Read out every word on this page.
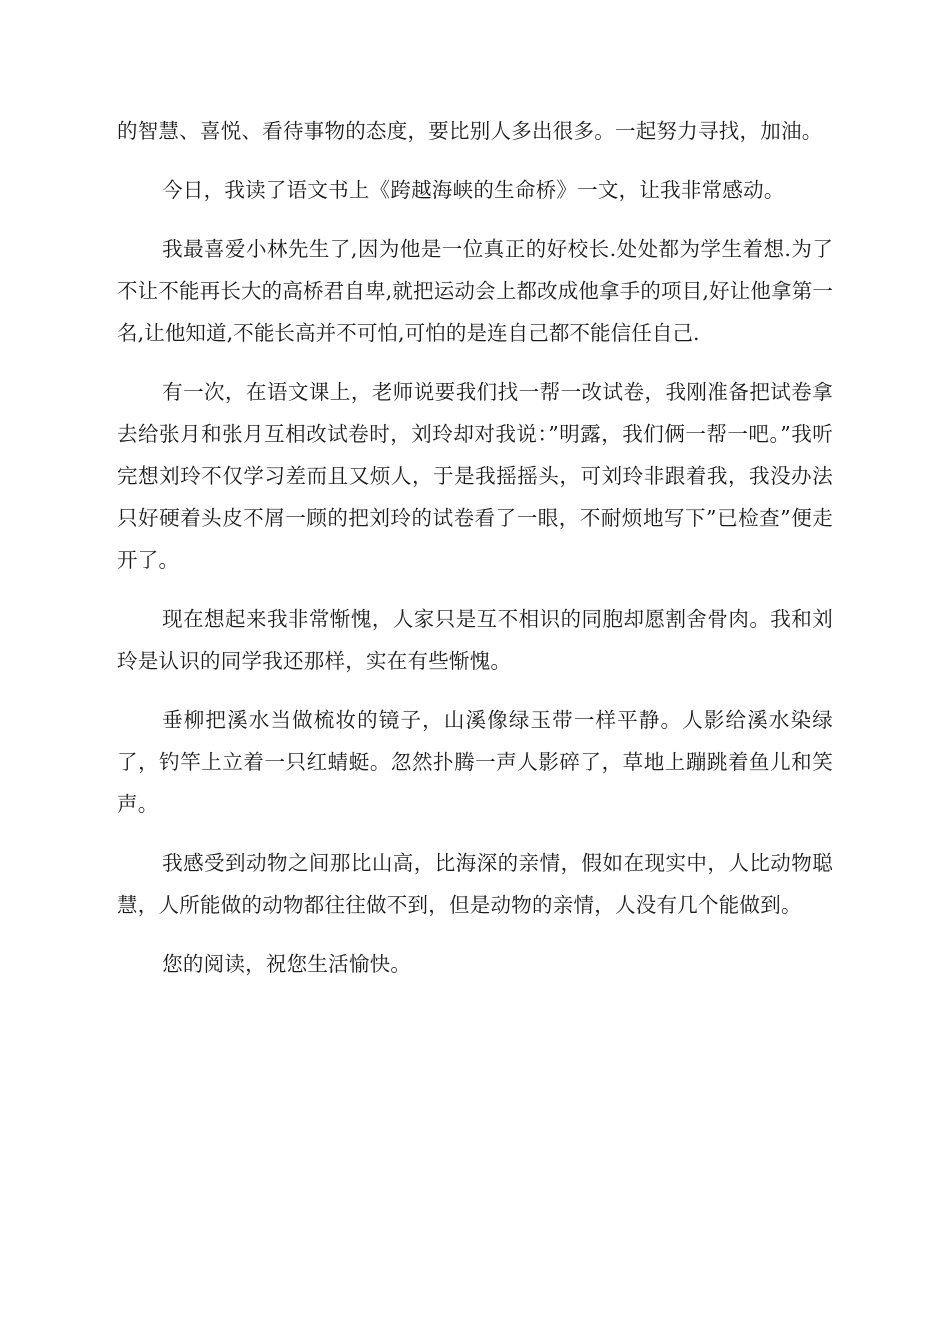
的智慧、喜悦、看待事物的态度，要比别人多出很多。一起努力寻找，加油。

今日，我读了语文书上《跨越海峡的生命桥》一文，让我非常感动。

我最喜爱小林先生了,因为他是一位真正的好校长.处处都为学生着想.为了不让不能再长大的高桥君自卑,就把运动会上都改成他拿手的项目,好让他拿第一名,让他知道,不能长高并不可怕,可怕的是连自己都不能信任自己.

有一次，在语文课上，老师说要我们找一帮一改试卷，我刚准备把试卷拿去给张月和张月互相改试卷时，刘玲却对我说：”明露，我们俩一帮一吧。”我听完想刘玲不仅学习差而且又烦人，于是我摇摇头，可刘玲非跟着我，我没办法只好硬着头皮不屑一顾的把刘玲的试卷看了一眼，不耐烦地写下”已检查”便走开了。

现在想起来我非常惭愧，人家只是互不相识的同胞却愿割舍骨肉。我和刘玲是认识的同学我还那样，实在有些惭愧。

垂柳把溪水当做梳妆的镜子，山溪像绿玉带一样平静。人影给溪水染绿了，钓竿上立着一只红蜻蜓。忽然扑腾一声人影碎了，草地上蹦跳着鱼儿和笑声。

我感受到动物之间那比山高，比海深的亲情，假如在现实中，人比动物聪慧，人所能做的动物都往往做不到，但是动物的亲情，人没有几个能做到。

您的阅读，祝您生活愉快。
